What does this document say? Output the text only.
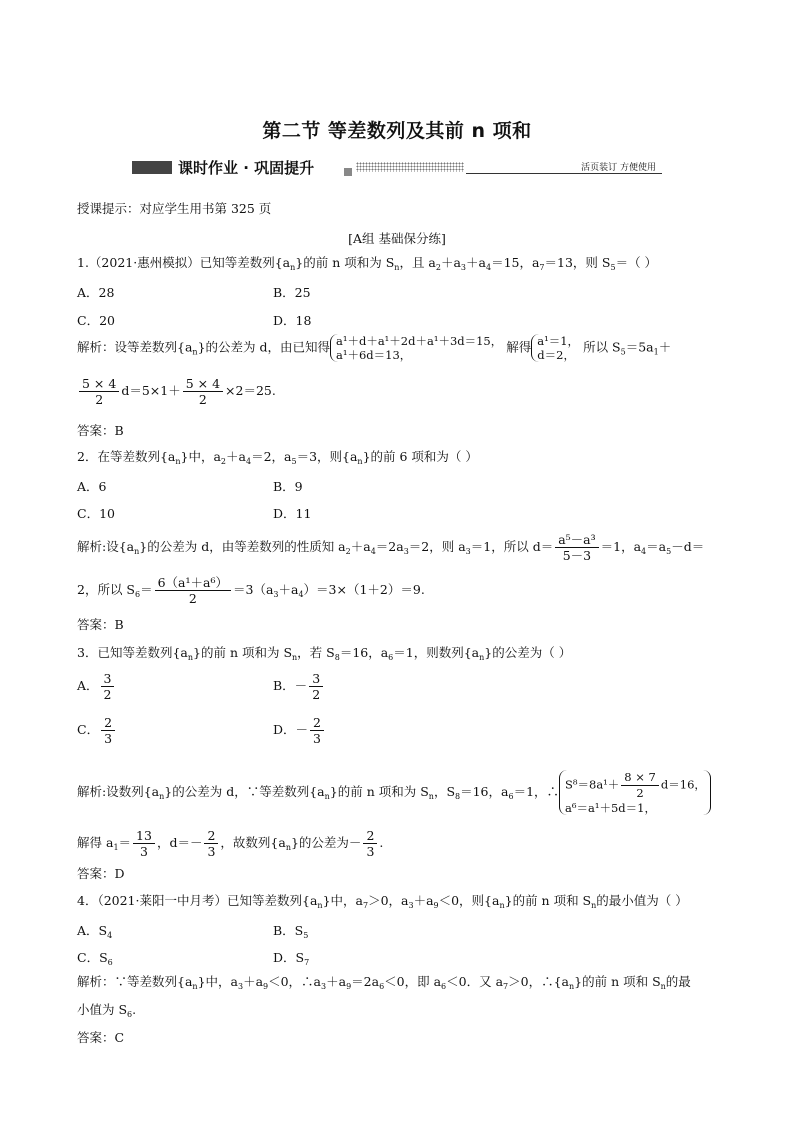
第二节 等差数列及其前 n 项和
课时作业 · 巩固提升	活页装订 方便使用
授课提示：对应学生用书第 325 页
[A组 基础保分练]
1.（2021·惠州模拟）已知等差数列$\{a_n\}$的前 n 项和为 $S_n$，且 $a_2+a_3+a_4=15$，$a_7=13$，则 $S_5=$（ ）
A．28	B．25
C．20	D．18
解析：设等差数列$\{a_n\}$的公差为 d，由已知得 a¹＋d＋a¹＋2d＋a¹＋3d＝15，
a¹＋6d＝13，
解得 a¹＝1，
d＝2，
所以 $S_5=5a_1+$
$\frac{5 \times 4}{2} d=5\times 1+ \frac{5 \times 4}{2} \times 2=25$.
答案：B
2．在等差数列$\{a_n\}$中，$a_2+a_4=2$，$a_5=3$，则$\{a_n\}$的前 6 项和为（ ）
A．6	B．9
C．10	D．11
解析:设$\{a_n\}$的公差为 d，由等差数列的性质知 $a_2+a_4=2a_3=2$，则 $a_3=1$，所以 $d= \frac{\text{a⁵－a³}}{5-3} =1$，$a_4=a_5-d=$
2，所以 $S_6= \frac{\text{6（a¹＋a⁶）}}{2} =3(a_3+a_4)=3\times(1+2)=9$.
答案：B
3．已知等差数列$\{a_n\}$的前 n 项和为 $S_n$，若 $S_8=16$，$a_6=1$，则数列$\{a_n\}$的公差为（ ）
A． $\frac{3}{2}$	B．－ $\frac{3}{2}$
C． $\frac{2}{3}$	D．－ $\frac{2}{3}$
解析:设数列$\{a_n\}$的公差为 d，∵等差数列$\{a_n\}$的前 n 项和为 $S_n$，$S_8=16$，$a_6=1$，∴ $S^8=8a^1+ \frac{8 \times 7}{2} d=16$，
a⁶＝a¹＋5d＝1，
解得 $a_1= \frac{13}{3}$ ，$d=- \frac{2}{3}$ ，故数列$\{a_n\}$的公差为－ $\frac{2}{3}$ .
答案：D
4．（2021·莱阳一中月考）已知等差数列$\{a_n\}$中，$a_7>0$，$a_3+a_9<0$，则$\{a_n\}$的前 n 项和 $S_n$的最小值为（ ）
A．$S_4$	B．$S_5$
C．$S_6$	D．$S_7$
解析：∵等差数列$\{a_n\}$中，$a_3+a_9<0$，$\therefore a_3+a_9=2a_6<0$，即 $a_6<0$．又 $a_7>0$，$\therefore\{a_n\}$的前 n 项和 $S_n$的最
小值为 $S_6$.
答案：C
